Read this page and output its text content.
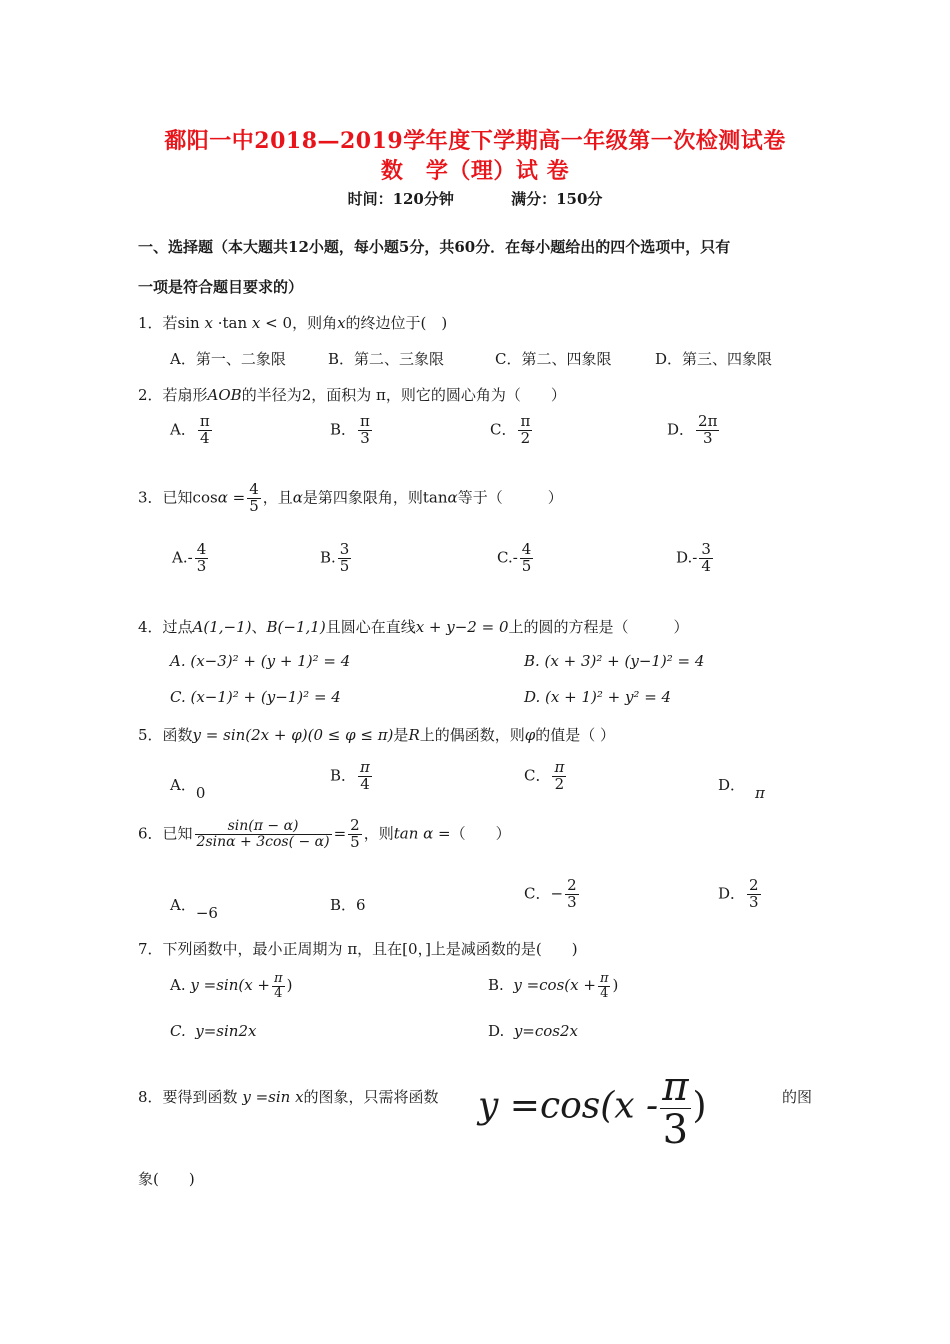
鄱阳一中2018—2019学年度下学期高一年级第一次检测试卷
数　学（理）试 卷
时间：120分钟	满分：150分
一、选择题（本大题共12小题，每小题5分，共60分．在每小题给出的四个选项中，只有
一项是符合题目要求的）
1．若sin x ·tan x < 0，则角x的终边位于(　)
A．第一、二象限	B．第二、三象限	C．第二、四象限	D．第三、四象限
2．若扇形AOB的半径为2，面积为 π，则它的圆心角为（　　）
A． $\frac{\pi}{4}$	B． $\frac{\pi}{3}$	C． $\frac{\pi}{2}$	D． $\frac{2\pi}{3}$
3．已知$\cos\alpha = \frac{4}{5}$ ，且α是第四象限角，则tanα等于（　　　）
$A.- \frac{4}{3}$	B. $\frac{3}{5}$	$C.- \frac{4}{5}$	$D.- \frac{3}{4}$
4．过点A(1,−1)、B(−1,1)且圆心在直线x + y−2 = 0上的圆的方程是（　　　）
A. (x−3)² + (y + 1)² = 4	B. (x + 3)² + (y−1)² = 4
C. (x−1)² + (y−1)² = 4	D. (x + 1)² + y² = 4
5．函数y = sin(2x + φ)(0 ≤ φ ≤ π)是R上的偶函数，则φ的值是（ ）
A．0
B． $\frac{\pi}{4}$	C． $\frac{\pi}{2}$	D． π
6．已知 $\frac{\sin(\pi - \alpha)}{2\sin\alpha + 3\cos( - \alpha)} = \frac{2}{5}$ ，则tan α =（　　）
A．−6	B．6
C．− $\frac{2}{3}$	D． $\frac{2}{3}$
7．下列函数中，最小正周期为 π，且在[0，]上是减函数的是(　　)
A. $y =\sin(x + \frac{\pi}{4}$ )	B. $y =\cos(x + \frac{\pi}{4}$ )
C. y=sin2x	D. y=cos2x
8．要得到函数 y =sin x的图象，只需将函数 $y =\cos(x - \frac{\pi}{3}$ )	的图
象(　　)
